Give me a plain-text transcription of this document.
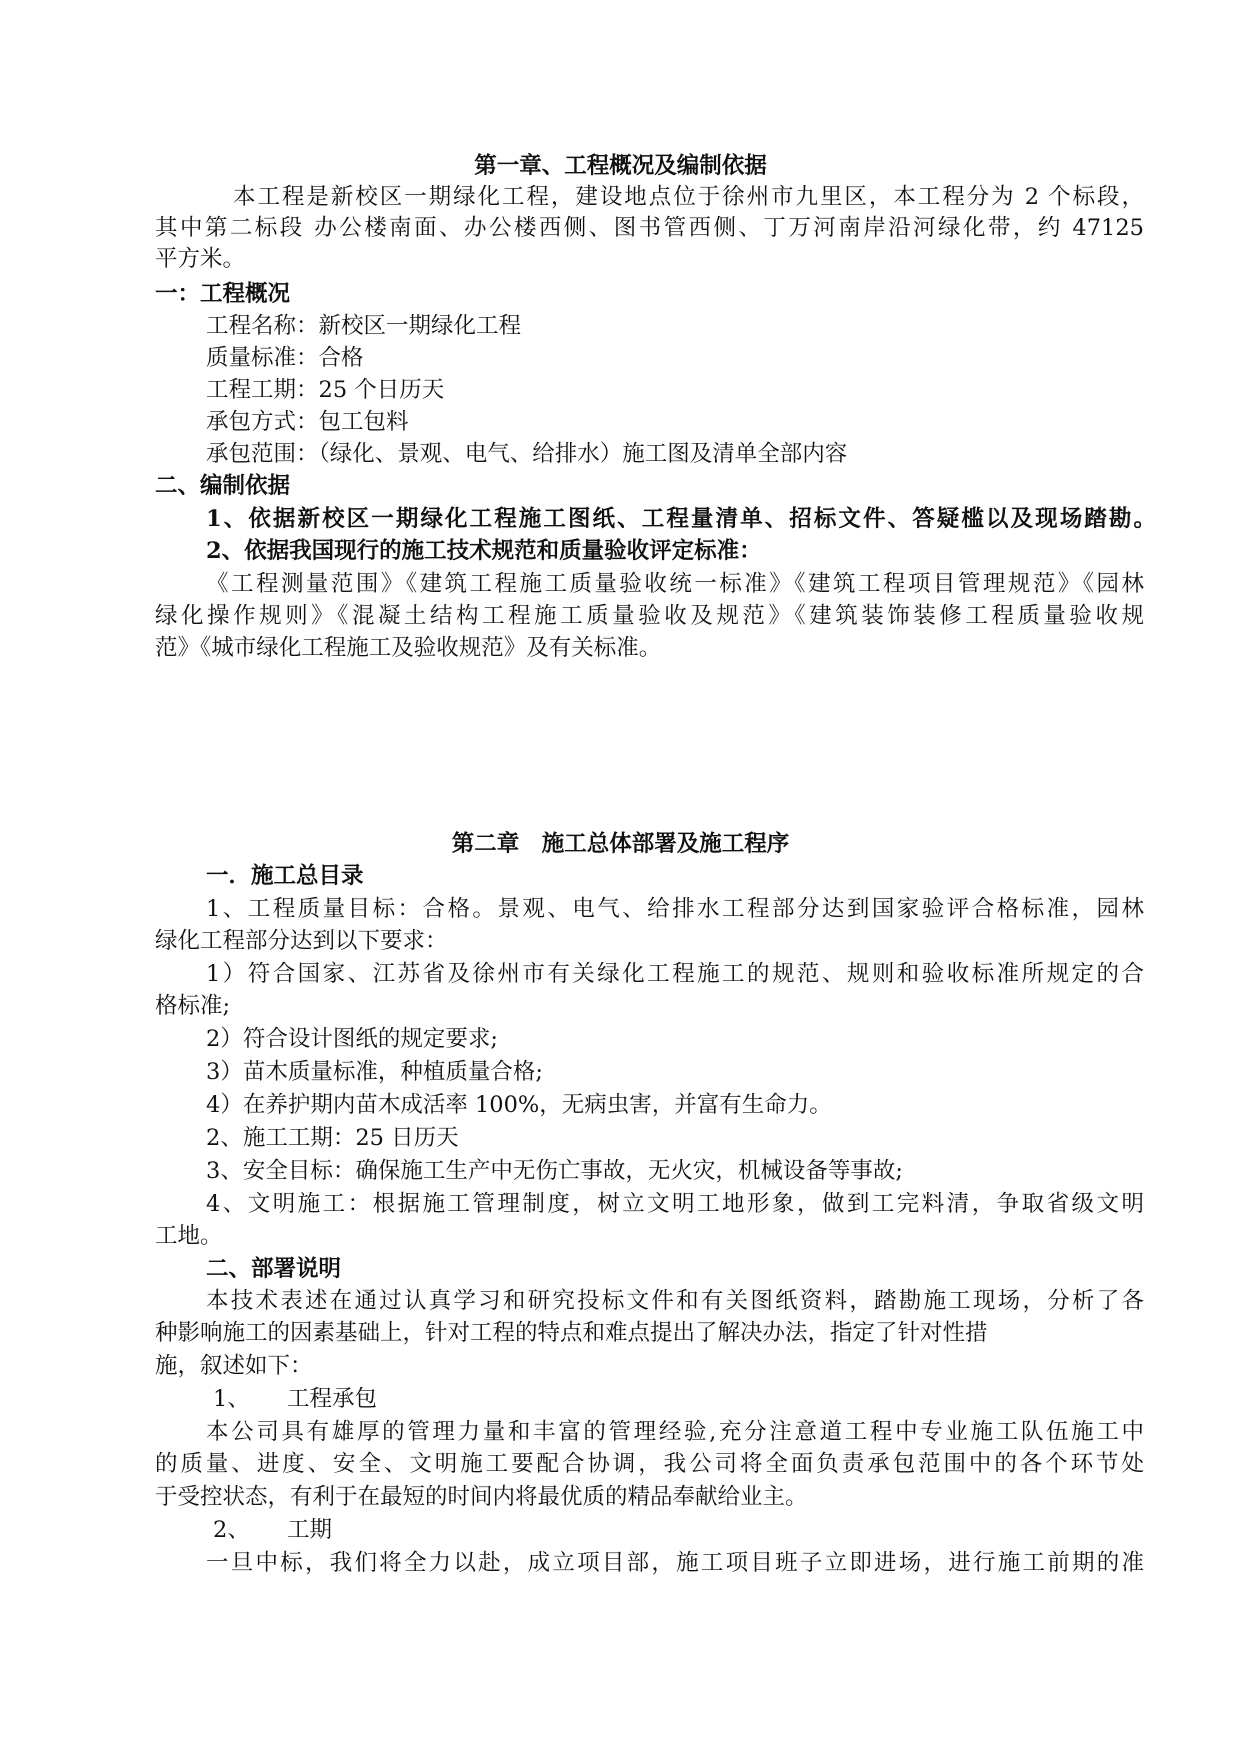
第一章、工程概况及编制依据
本工程是新校区一期绿化工程，建设地点位于徐州市九里区，本工程分为 2 个标段，
其中第二标段 办公楼南面、办公楼西侧、图书管西侧、丁万河南岸沿河绿化带，约 47125
平方米。
一：工程概况
工程名称：新校区一期绿化工程
质量标准：合格
工程工期：25 个日历天
承包方式：包工包料
承包范围：（绿化、景观、电气、给排水）施工图及清单全部内容
二、编制依据
1、依据新校区一期绿化工程施工图纸、工程量清单、招标文件、答疑槛以及现场踏勘。
2、依据我国现行的施工技术规范和质量验收评定标准：
《工程测量范围》《建筑工程施工质量验收统一标准》《建筑工程项目管理规范》《园林
绿化操作规则》《混凝土结构工程施工质量验收及规范》《建筑装饰装修工程质量验收规
范》《城市绿化工程施工及验收规范》及有关标准。
第二章　施工总体部署及施工程序
一．施工总目录
1、工程质量目标：合格。景观、电气、给排水工程部分达到国家验评合格标准，园林
绿化工程部分达到以下要求：
1）符合国家、江苏省及徐州市有关绿化工程施工的规范、规则和验收标准所规定的合
格标准;
2）符合设计图纸的规定要求;
3）苗木质量标准，种植质量合格;
4）在养护期内苗木成活率 100%，无病虫害，并富有生命力。
2、施工工期：25 日历天
3、安全目标：确保施工生产中无伤亡事故，无火灾，机械设备等事故;
4、文明施工：根据施工管理制度，树立文明工地形象，做到工完料清，争取省级文明
工地。
二、部署说明
本技术表述在通过认真学习和研究投标文件和有关图纸资料，踏勘施工现场，分析了各
种影响施工的因素基础上，针对工程的特点和难点提出了解决办法，指定了针对性措
施，叙述如下：
1、 工程承包
本公司具有雄厚的管理力量和丰富的管理经验,充分注意道工程中专业施工队伍施工中
的质量、进度、安全、文明施工要配合协调，我公司将全面负责承包范围中的各个环节处
于受控状态，有利于在最短的时间内将最优质的精品奉献给业主。
2、 工期
一旦中标，我们将全力以赴，成立项目部，施工项目班子立即进场，进行施工前期的准
